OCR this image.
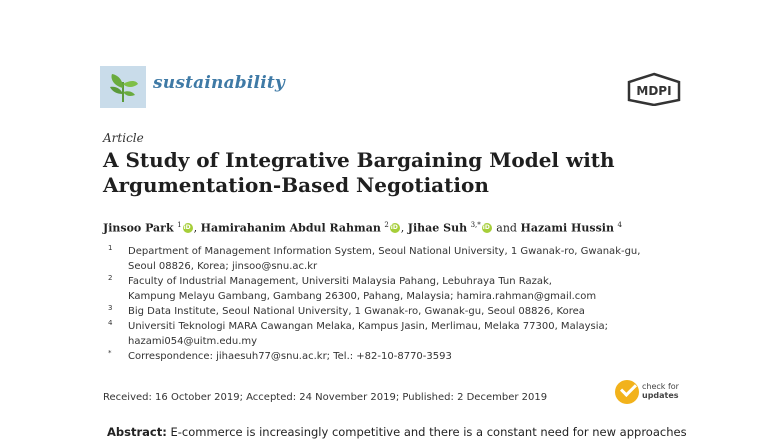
sustainability	MDPI
Article
A Study of Integrative Bargaining Model with
Argumentation-Based Negotiation
Jinsoo Park $^1$ iD , Hamirahanim Abdul Rahman $^2$ iD , Jihae Suh $^{3,*}$iD and Hazami Hussin $^4$
1 Department of Management Information System, Seoul National University, 1 Gwanak-ro, Gwanak-gu,
Seoul 08826, Korea; jinsoo@snu.ac.kr
2 Faculty of Industrial Management, Universiti Malaysia Pahang, Lebuhraya Tun Razak,
Kampung Melayu Gambang, Gambang 26300, Pahang, Malaysia; hamira.rahman@gmail.com
3 Big Data Institute, Seoul National University, 1 Gwanak-ro, Gwanak-gu, Seoul 08826, Korea
4 Universiti Teknologi MARA Cawangan Melaka, Kampus Jasin, Merlimau, Melaka 77300, Malaysia;
hazami054@uitm.edu.my
* Correspondence: jihaesuh77@snu.ac.kr; Tel.: +82-10-8770-3593
check for
updates
Received: 16 October 2019; Accepted: 24 November 2019; Published: 2 December 2019
Abstract: E-commerce is increasingly competitive and there is a constant need for new approaches
